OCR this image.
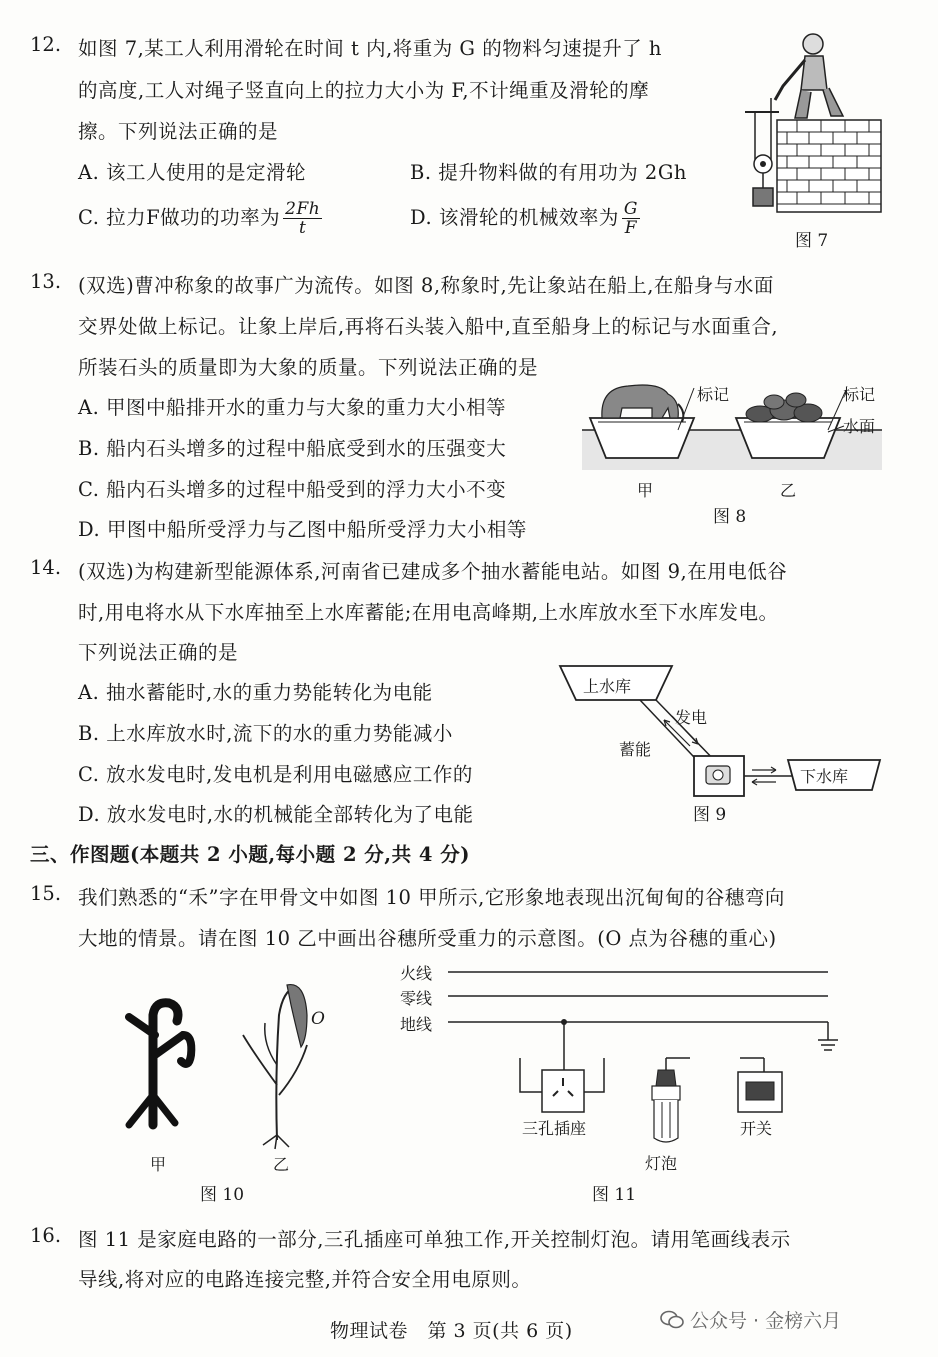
12. 如图 7,某工人利用滑轮在时间 t 内,将重为 G 的物料匀速提升了 h
的高度,工人对绳子竖直向上的拉力大小为 F,不计绳重及滑轮的摩
擦。下列说法正确的是
A. 该工人使用的是定滑轮	B. 提升物料做的有用功为 2Gh
C. 拉力F做功的功率为 $\frac{2Fh}{t}$	D. 该滑轮的机械效率为 $\frac{G}{F}$
图 7
13. (双选)曹冲称象的故事广为流传。如图 8,称象时,先让象站在船上,在船身与水面
交界处做上标记。让象上岸后,再将石头装入船中,直至船身上的标记与水面重合,
所装石头的质量即为大象的质量。下列说法正确的是
A. 甲图中船排开水的重力与大象的重力大小相等
B. 船内石头增多的过程中船底受到水的压强变大
C. 船内石头增多的过程中船受到的浮力大小不变
D. 甲图中船所受浮力与乙图中船所受浮力大小相等
标记	标记
水面
甲	乙
图 8
14. (双选)为构建新型能源体系,河南省已建成多个抽水蓄能电站。如图 9,在用电低谷
时,用电将水从下水库抽至上水库蓄能;在用电高峰期,上水库放水至下水库发电。
下列说法正确的是
A. 抽水蓄能时,水的重力势能转化为电能
B. 上水库放水时,流下的水的重力势能减小
C. 放水发电时,发电机是利用电磁感应工作的
D. 放水发电时,水的机械能全部转化为了电能
上水库
下水库
发电
蓄能
图 9
三、作图题(本题共 2 小题,每小题 2 分,共 4 分)
15. 我们熟悉的“禾”字在甲骨文中如图 10 甲所示,它形象地表现出沉甸甸的谷穗弯向
大地的情景。请在图 10 乙中画出谷穗所受重力的示意图。(O 点为谷穗的重心)
O
甲	乙
图 10
火线
零线
地线
三孔插座
灯泡
开关
图 11
16. 图 11 是家庭电路的一部分,三孔插座可单独工作,开关控制灯泡。请用笔画线表示
导线,将对应的电路连接完整,并符合安全用电原则。
物理试卷　第 3 页(共 6 页)	公众号 · 金榜六月
